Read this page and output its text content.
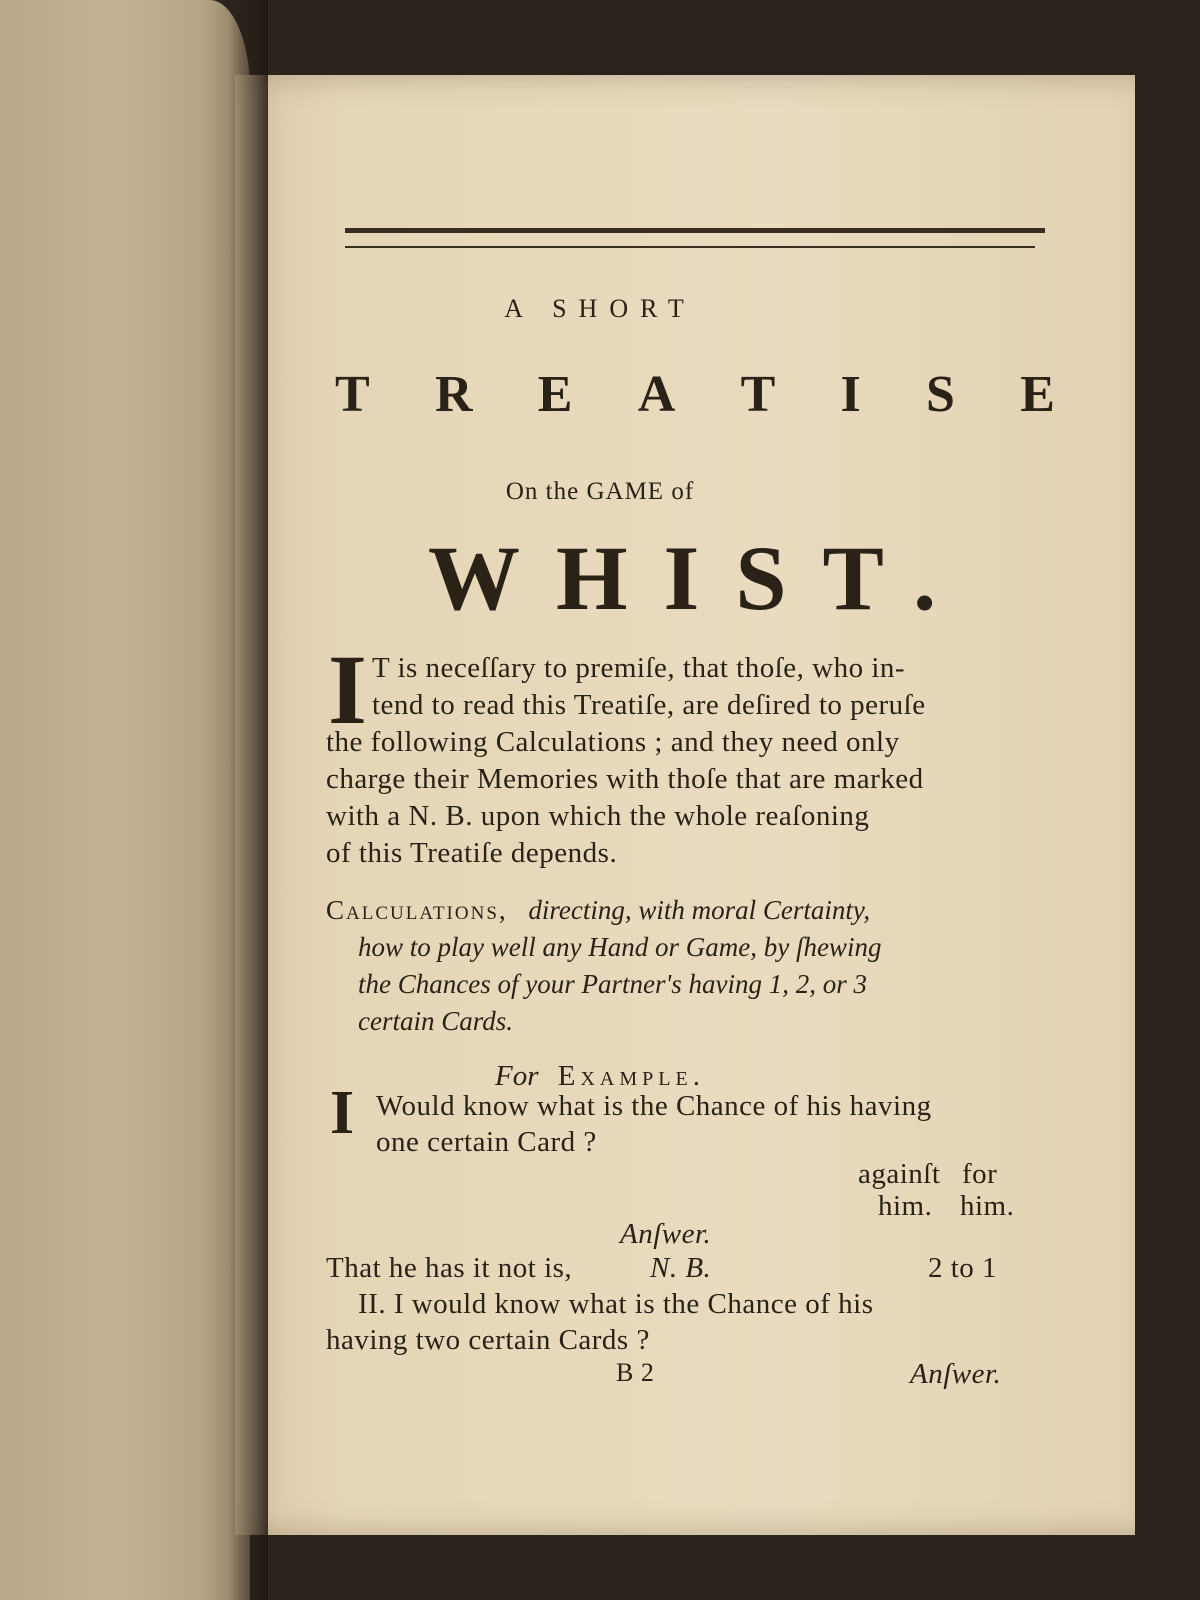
A SHORT
T R E A T I S E
On the GAME of
WHIST.
I T is neceſſary to premiſe, that thoſe, who in-
tend to read this Treatiſe, are deſired to peruſe
the following Calculations ; and they need only
charge their Memories with thoſe that are marked
with a N. B. upon which the whole reaſoning
of this Treatiſe depends.
Calculations, directing, with moral Certainty,
how to play well any Hand or Game, by ſhewing
the Chances of your Partner's having 1, 2, or 3
certain Cards.
For Example.
I Would know what is the Chance of his having
one certain Card ?
againſt for
him. him.
Anſwer.
That he has it not is,	N. B.	2 to 1
II. I would know what is the Chance of his
having two certain Cards ?
B 2	Anſwer.
